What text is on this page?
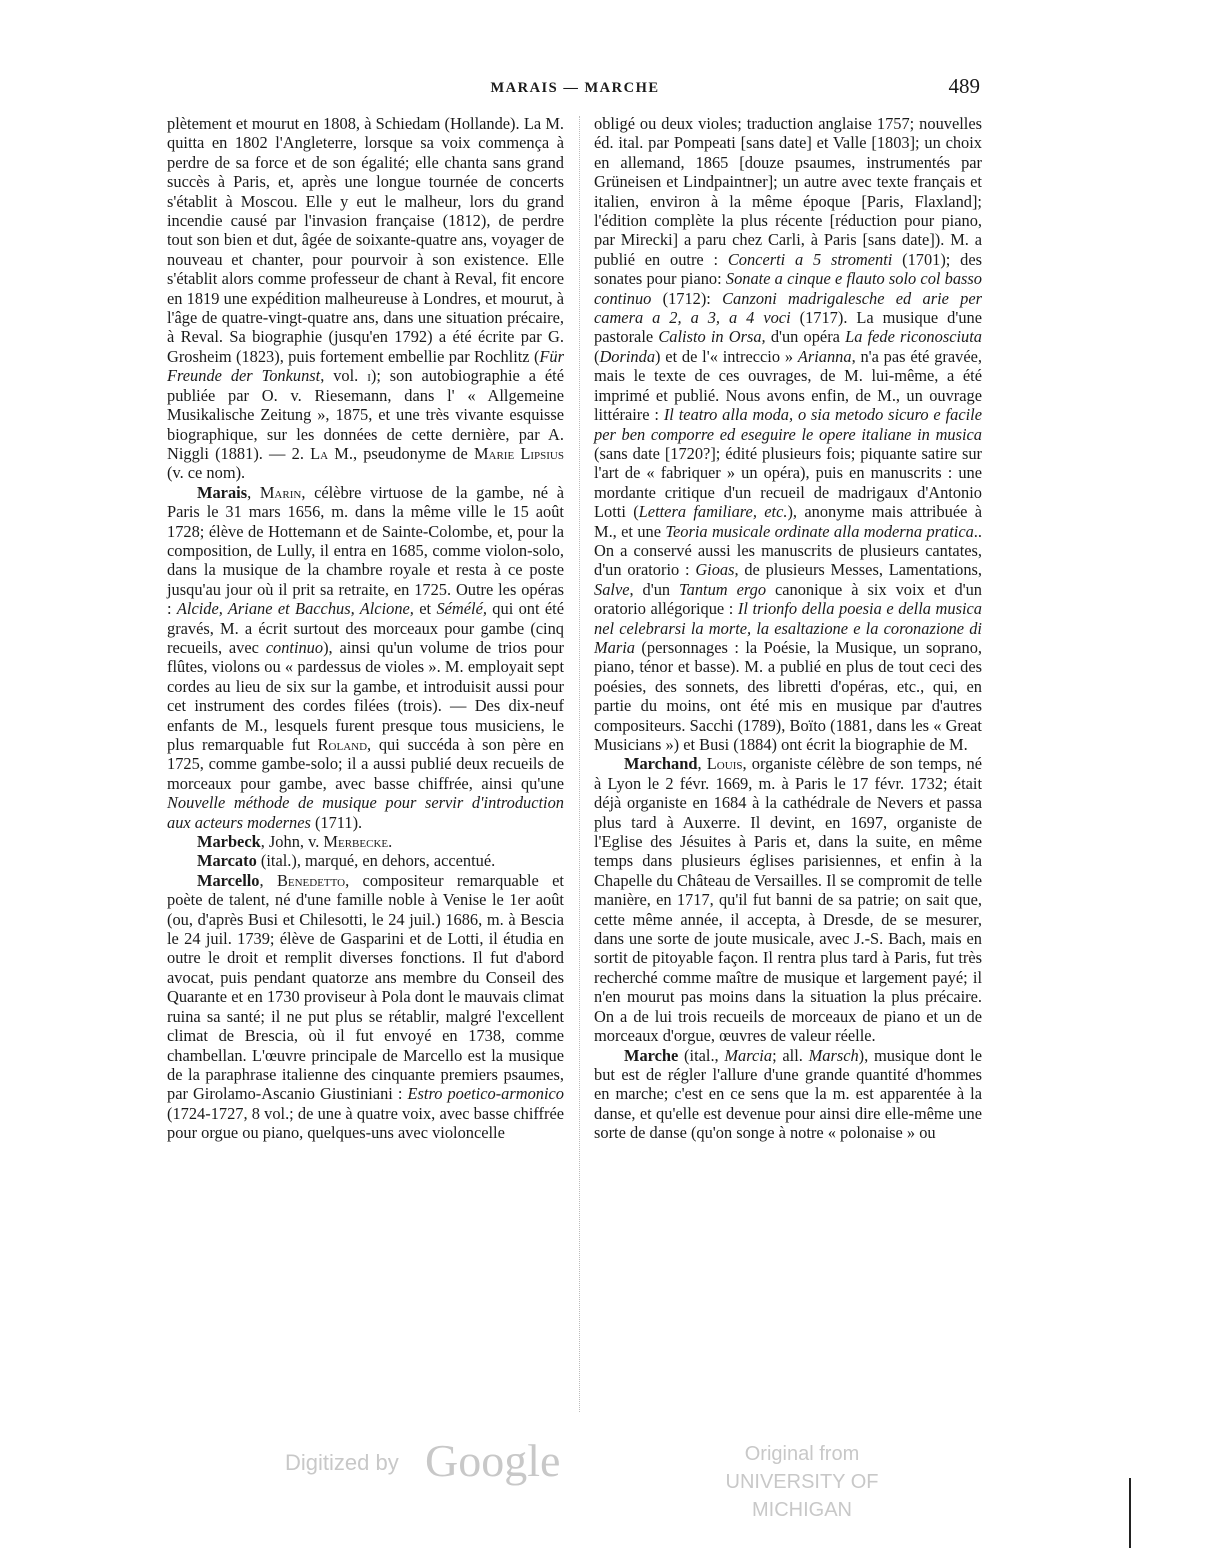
MARAIS — MARCHE	489

plètement et mourut en 1808, à Schiedam (Hollande). La M. quitta en 1802 l'Angleterre, lorsque sa voix commença à perdre de sa force et de son égalité; elle chanta sans grand succès à Paris, et, après une longue tournée de concerts s'établit à Moscou. Elle y eut le malheur, lors du grand incendie causé par l'invasion française (1812), de perdre tout son bien et dut, âgée de soixante-quatre ans, voyager de nouveau et chanter, pour pourvoir à son existence. Elle s'établit alors comme professeur de chant à Reval, fit encore en 1819 une expédition malheureuse à Londres, et mourut, à l'âge de quatre-vingt-quatre ans, dans une situation précaire, à Reval. Sa biographie (jusqu'en 1792) a été écrite par G. Grosheim (1823), puis fortement embellie par Rochlitz (Für Freunde der Tonkunst, vol. i); son autobiographie a été publiée par O. v. Riesemann, dans l' « Allgemeine Musikalische Zeitung », 1875, et une très vivante esquisse biographique, sur les données de cette dernière, par A. Niggli (1881). — 2. La M., pseudonyme de Marie Lipsius (v. ce nom).

Marais, Marin, célèbre virtuose de la gambe, né à Paris le 31 mars 1656, m. dans la même ville le 15 août 1728; élève de Hottemann et de Sainte-Colombe, et, pour la composition, de Lully, il entra en 1685, comme violon-solo, dans la musique de la chambre royale et resta à ce poste jusqu'au jour où il prit sa retraite, en 1725. Outre les opéras : Alcide, Ariane et Bacchus, Alcione, et Sémélé, qui ont été gravés, M. a écrit surtout des morceaux pour gambe (cinq recueils, avec continuo), ainsi qu'un volume de trios pour flûtes, violons ou « pardessus de violes ». M. employait sept cordes au lieu de six sur la gambe, et introduisit aussi pour cet instrument des cordes filées (trois). — Des dix-neuf enfants de M., lesquels furent presque tous musiciens, le plus remarquable fut Roland, qui succéda à son père en 1725, comme gambe-solo; il a aussi publié deux recueils de morceaux pour gambe, avec basse chiffrée, ainsi qu'une Nouvelle méthode de musique pour servir d'introduction aux acteurs modernes (1711).

Marbeck, John, v. Merbecke.

Marcato (ital.), marqué, en dehors, accentué.

Marcello, Benedetto, compositeur remarquable et poète de talent, né d'une famille noble à Venise le 1er août (ou, d'après Busi et Chilesotti, le 24 juil.) 1686, m. à Bescia le 24 juil. 1739; élève de Gasparini et de Lotti, il étudia en outre le droit et remplit diverses fonctions. Il fut d'abord avocat, puis pendant quatorze ans membre du Conseil des Quarante et en 1730 proviseur à Pola dont le mauvais climat ruina sa santé; il ne put plus se rétablir, malgré l'excellent climat de Brescia, où il fut envoyé en 1738, comme chambellan. L'œuvre principale de Marcello est la musique de la paraphrase italienne des cinquante premiers psaumes, par Girolamo-Ascanio Giustiniani : Estro poetico-armonico (1724-1727, 8 vol.; de une à quatre voix, avec basse chiffrée pour orgue ou piano, quelques-uns avec violoncelle

obligé ou deux violes; traduction anglaise 1757; nouvelles éd. ital. par Pompeati [sans date] et Valle [1803]; un choix en allemand, 1865 [douze psaumes, instrumentés par Grüneisen et Lindpaintner]; un autre avec texte français et italien, environ à la même époque [Paris, Flaxland]; l'édition complète la plus récente [réduction pour piano, par Mirecki] a paru chez Carli, à Paris [sans date]). M. a publié en outre : Concerti a 5 stromenti (1701); des sonates pour piano: Sonate a cinque e flauto solo col basso continuo (1712): Canzoni madrigalesche ed arie per camera a 2, a 3, a 4 voci (1717). La musique d'une pastorale Calisto in Orsa, d'un opéra La fede riconosciuta (Dorinda) et de l'« intreccio » Arianna, n'a pas été gravée, mais le texte de ces ouvrages, de M. lui-même, a été imprimé et publié. Nous avons enfin, de M., un ouvrage littéraire : Il teatro alla moda, o sia metodo sicuro e facile per ben comporre ed eseguire le opere italiane in musica (sans date [1720?]; édité plusieurs fois; piquante satire sur l'art de « fabriquer » un opéra), puis en manuscrits : une mordante critique d'un recueil de madrigaux d'Antonio Lotti (Lettera familiare, etc.), anonyme mais attribuée à M., et une Teoria musicale ordinate alla moderna pratica.. On a conservé aussi les manuscrits de plusieurs cantates, d'un oratorio : Gioas, de plusieurs Messes, Lamentations, Salve, d'un Tantum ergo canonique à six voix et d'un oratorio allégorique : Il trionfo della poesia e della musica nel celebrarsi la morte, la esaltazione e la coronazione di Maria (personnages : la Poésie, la Musique, un soprano, piano, ténor et basse). M. a publié en plus de tout ceci des poésies, des sonnets, des libretti d'opéras, etc., qui, en partie du moins, ont été mis en musique par d'autres compositeurs. Sacchi (1789), Boïto (1881, dans les « Great Musicians ») et Busi (1884) ont écrit la biographie de M.

Marchand, Louis, organiste célèbre de son temps, né à Lyon le 2 févr. 1669, m. à Paris le 17 févr. 1732; était déjà organiste en 1684 à la cathédrale de Nevers et passa plus tard à Auxerre. Il devint, en 1697, organiste de l'Eglise des Jésuites à Paris et, dans la suite, en même temps dans plusieurs églises parisiennes, et enfin à la Chapelle du Château de Versailles. Il se compromit de telle manière, en 1717, qu'il fut banni de sa patrie; on sait que, cette même année, il accepta, à Dresde, de se mesurer, dans une sorte de joute musicale, avec J.-S. Bach, mais en sortit de pitoyable façon. Il rentra plus tard à Paris, fut très recherché comme maître de musique et largement payé; il n'en mourut pas moins dans la situation la plus précaire. On a de lui trois recueils de morceaux de piano et un de morceaux d'orgue, œuvres de valeur réelle.

Marche (ital., Marcia; all. Marsch), musique dont le but est de régler l'allure d'une grande quantité d'hommes en marche; c'est en ce sens que la m. est apparentée à la danse, et qu'elle est devenue pour ainsi dire elle-même une sorte de danse (qu'on songe à notre « polonaise » ou

Digitized by Google	Original from
UNIVERSITY OF MICHIGAN
